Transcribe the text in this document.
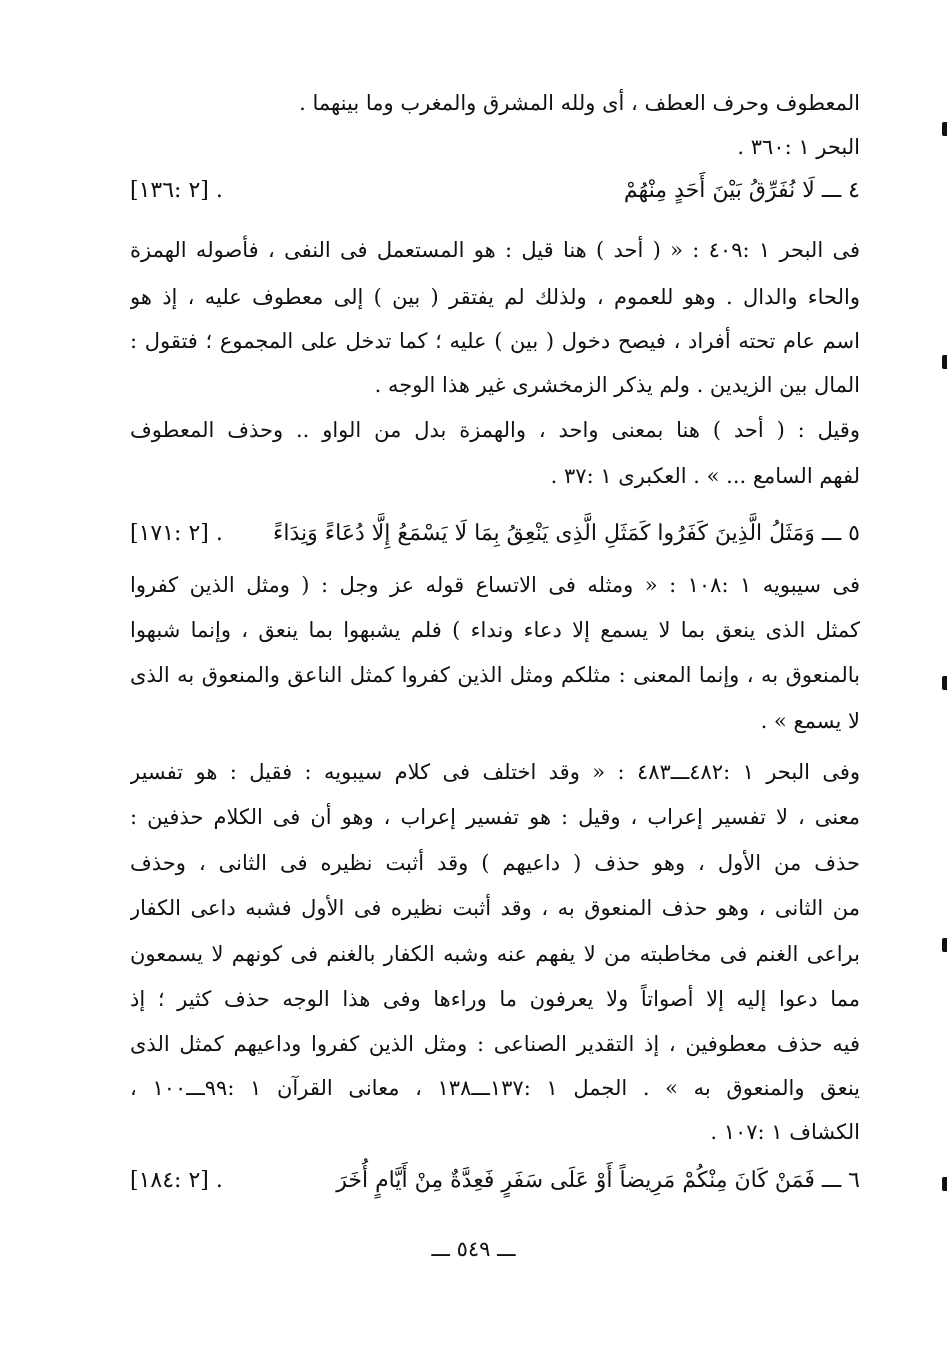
المعطوف وحرف العطف ، أى ولله المشرق والمغرب وما بينهما .
البحر ١ :٣٦٠ .
٤ ـــ لَا نُفَرِّقُ بَيْنَ أَحَدٍ مِنْهُمْ
[٢ :١٣٦] .
فى البحر ١ :٤٠٩ : « ( أحد ) هنا قيل : هو المستعمل فى النفى ، فأصوله الهمزة
والحاء والدال . وهو للعموم ، ولذلك لم يفتقر ( بين ) إلى معطوف عليه ، إذ هو
اسم عام تحته أفراد ، فيصح دخول ( بين ) عليه ؛ كما تدخل على المجموع ؛ فتقول :
المال بين الزيدين . ولم يذكر الزمخشرى غير هذا الوجه .
وقيل : ( أحد ) هنا بمعنى واحد ، والهمزة بدل من الواو .. وحذف المعطوف
لفهم السامع ... » . العكبرى ١ :٣٧ .
٥ ـــ وَمَثَلُ الَّذِينَ كَفَرُوا كَمَثَلِ الَّذِى يَنْعِقُ بِمَا لَا يَسْمَعُ إِلَّا دُعَاءً وَنِدَاءً
[٢ :١٧١] .
فى سيبويه ١ :١٠٨ : « ومثله فى الاتساع قوله عز وجل : ( ومثل الذين كفروا
كمثل الذى ينعق بما لا يسمع إلا دعاء ونداء ) فلم يشبهوا بما ينعق ، وإنما شبهوا
بالمنعوق به ، وإنما المعنى : مثلكم ومثل الذين كفروا كمثل الناعق والمنعوق به الذى
لا يسمع » .
وفى البحر ١ :٤٨٢ـــ٤٨٣ : « وقد اختلف فى كلام سيبويه : فقيل : هو تفسير
معنى ، لا تفسير إعراب ، وقيل : هو تفسير إعراب ، وهو أن فى الكلام حذفين :
حذف من الأول ، وهو حذف ( داعيهم ) وقد أثبت نظيره فى الثانى ، وحذف
من الثانى ، وهو حذف المنعوق به ، وقد أثبت نظيره فى الأول فشبه داعى الكفار
براعى الغنم فى مخاطبته من لا يفهم عنه وشبه الكفار بالغنم فى كونهم لا يسمعون
مما دعوا إليه إلا أصواتاً ولا يعرفون ما وراءها وفى هذا الوجه حذف كثير ؛ إذ
فيه حذف معطوفين ، إذ التقدير الصناعى : ومثل الذين كفروا وداعيهم كمثل الذى
ينعق والمنعوق به » . الجمل ١ :١٣٧ـــ١٣٨ ، معانى القرآن ١ :٩٩ـــ١٠٠ ،
الكشاف ١ :١٠٧ .
٦ ـــ فَمَنْ كَانَ مِنْكُمْ مَرِيضاً أَوْ عَلَى سَفَرٍ فَعِدَّةٌ مِنْ أَيَّامٍ أُخَرَ
[٢ :١٨٤] .
ـــ ٥٤٩ ـــ
